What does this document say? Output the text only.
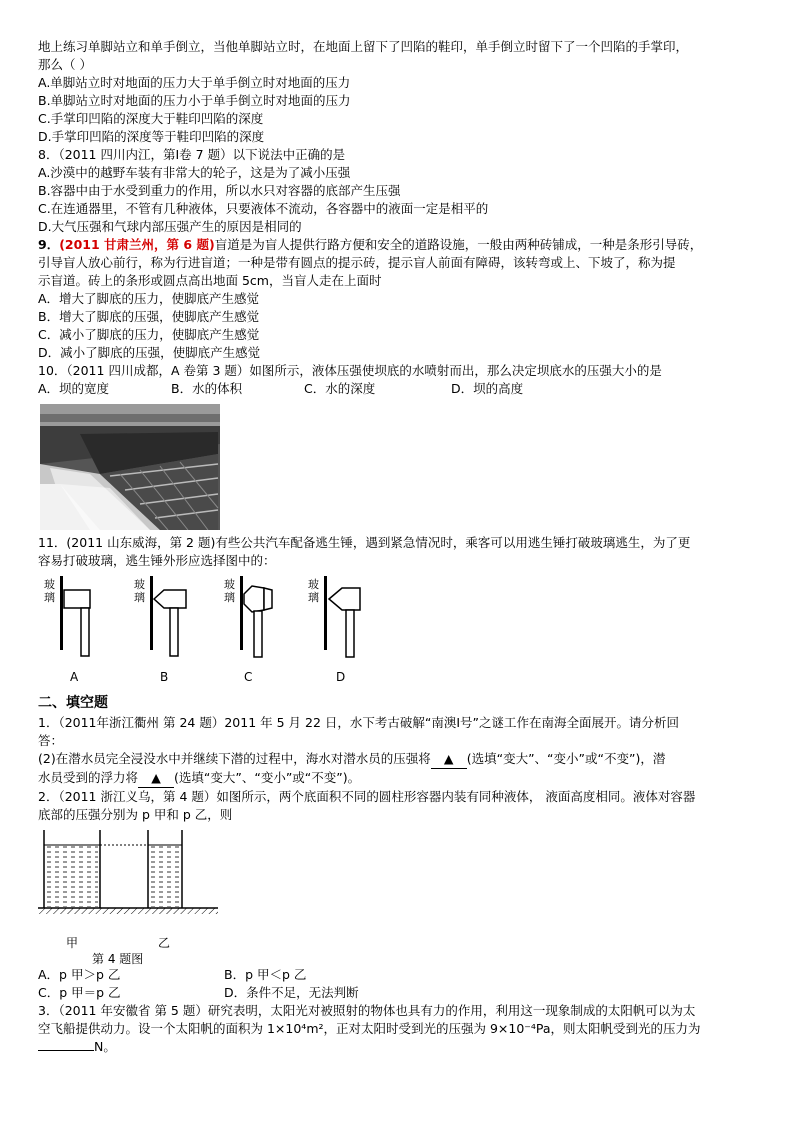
地上练习单脚站立和单手倒立，当他单脚站立时，在地面上留下了凹陷的鞋印，单手倒立时留下了一个凹陷的手掌印，
那么（ ）
A.单脚站立时对地面的压力大于单手倒立时对地面的压力
B.单脚站立时对地面的压力小于单手倒立时对地面的压力
C.手掌印凹陷的深度大于鞋印凹陷的深度
D.手掌印凹陷的深度等于鞋印凹陷的深度
8．（2011 四川内江，第Ⅰ卷 7 题）以下说法中正确的是
A.沙漠中的越野车装有非常大的轮子，这是为了减小压强
B.容器中由于水受到重力的作用，所以水只对容器的底部产生压强
C.在连通器里，不管有几种液体，只要液体不流动，各容器中的液面一定是相平的
D.大气压强和气球内部压强产生的原因是相同的
9．(2011 甘肃兰州，第 6 题)盲道是为盲人提供行路方便和安全的道路设施，一般由两种砖铺成，一种是条形引导砖，
引导盲人放心前行，称为行进盲道；一种是带有圆点的提示砖，提示盲人前面有障碍，该转弯或上、下坡了，称为提
示盲道。砖上的条形或圆点高出地面 5cm，当盲人走在上面时
A．增大了脚底的压力，使脚底产生感觉
B．增大了脚底的压强，使脚底产生感觉
C．减小了脚底的压力，使脚底产生感觉
D．减小了脚底的压强，使脚底产生感觉
10．（2011 四川成都，A 卷第 3 题）如图所示，液体压强使坝底的水喷射而出，那么决定坝底水的压强大小的是
A．坝的宽度	B．水的体积	C．水的深度	D．坝的高度
11．(2011 山东威海，第 2 题)有些公共汽车配备逃生锤，遇到紧急情况时，乘客可以用逃生锤打破玻璃逃生，为了更
容易打破玻璃，逃生锤外形应选择图中的：
玻璃
A
玻璃
B
玻璃
C
玻璃
D
二、填空题
1．（2011年浙江衢州 第 24 题）2011 年 5 月 22 日，水下考古破解“南澳Ⅰ号”之谜工作在南海全面展开。请分析回
答：
(2)在潜水员完全浸没水中并继续下潜的过程中，海水对潜水员的压强将 ▲ (选填“变大”、“变小”或“不变”)，潜
水员受到的浮力将 ▲ (选填“变大”、“变小”或“不变”)。
2．（2011 浙江义乌，第 4 题）如图所示，两个底面积不同的圆柱形容器内装有同种液体， 液面高度相同。液体对容器
底部的压强分别为 p 甲和 p 乙，则
甲	乙
第 4 题图
A．p 甲＞p 乙	B．p 甲＜p 乙
C．p 甲＝p 乙	D．条件不足，无法判断
3．（2011 年安徽省 第 5 题）研究表明，太阳光对被照射的物体也具有力的作用，利用这一现象制成的太阳帆可以为太
空飞船提供动力。设一个太阳帆的面积为 1×10⁴m²，正对太阳时受到光的压强为 9×10⁻⁴Pa，则太阳帆受到光的压力为
N。
